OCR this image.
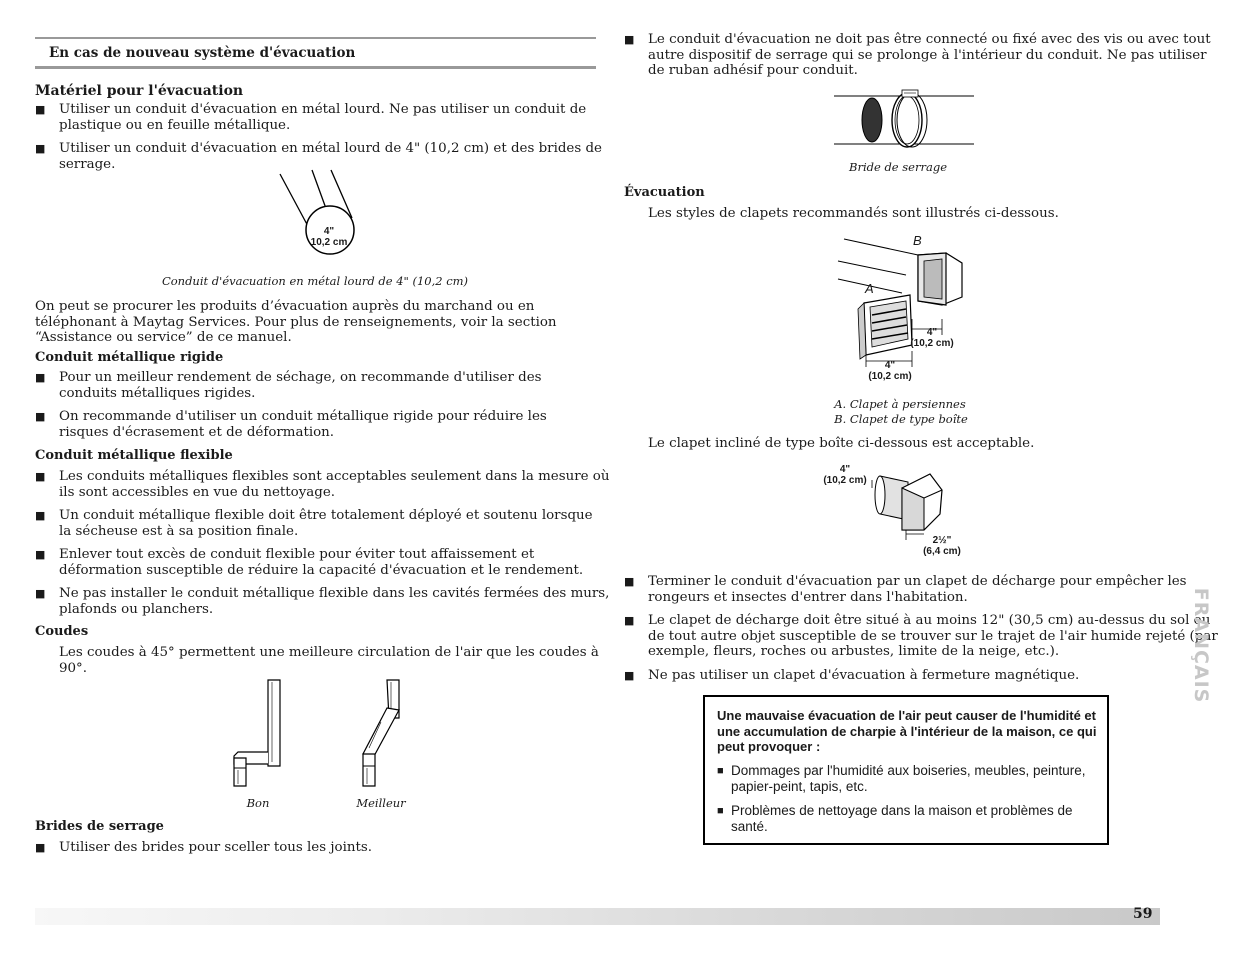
En cas de nouveau système d'évacuation
Matériel pour l'évacuation
■ Utiliser un conduit d'évacuation en métal lourd. Ne pas utiliser un conduit de plastique ou en feuille métallique.
■ Utiliser un conduit d'évacuation en métal lourd de 4" (10,2 cm) et des brides de serrage.
4"
10,2 cm
Conduit d'évacuation en métal lourd de 4" (10,2 cm)
On peut se procurer les produits d’évacuation auprès du marchand ou en téléphonant à Maytag Services. Pour plus de renseignements, voir la section “Assistance ou service” de ce manuel.
Conduit métallique rigide
■ Pour un meilleur rendement de séchage, on recommande d'utiliser des conduits métalliques rigides.
■ On recommande d'utiliser un conduit métallique rigide pour réduire les risques d'écrasement et de déformation.
Conduit métallique flexible
■ Les conduits métalliques flexibles sont acceptables seulement dans la mesure où ils sont accessibles en vue du nettoyage.
■ Un conduit métallique flexible doit être totalement déployé et soutenu lorsque la sécheuse est à sa position finale.
■ Enlever tout excès de conduit flexible pour éviter tout affaissement et déformation susceptible de réduire la capacité d'évacuation et le rendement.
■ Ne pas installer le conduit métallique flexible dans les cavités fermées des murs, plafonds ou planchers.
Coudes
Les coudes à 45° permettent une meilleure circulation de l'air que les coudes à 90°.
Bon	Meilleur
Brides de serrage
■ Utiliser des brides pour sceller tous les joints.
■ Le conduit d'évacuation ne doit pas être connecté ou fixé avec des vis ou avec tout autre dispositif de serrage qui se prolonge à l'intérieur du conduit. Ne pas utiliser de ruban adhésif pour conduit.
Bride de serrage
Évacuation
Les styles de clapets recommandés sont illustrés ci-dessous.
B
A
4"
(10,2 cm)
4"
(10,2 cm)
A. Clapet à persiennes
B. Clapet de type boîte
Le clapet incliné de type boîte ci-dessous est acceptable.
4"
(10,2 cm)
2½"
(6,4 cm)
■ Terminer le conduit d'évacuation par un clapet de décharge pour empêcher les rongeurs et insectes d'entrer dans l'habitation.
■ Le clapet de décharge doit être situé à au moins 12" (30,5 cm) au-dessus du sol ou de tout autre objet susceptible de se trouver sur le trajet de l'air humide rejeté (par exemple, fleurs, roches ou arbustes, limite de la neige, etc.).
■ Ne pas utiliser un clapet d'évacuation à fermeture magnétique.
Une mauvaise évacuation de l'air peut causer de l'humidité et une accumulation de charpie à l'intérieur de la maison, ce qui peut provoquer :
■ Dommages par l'humidité aux boiseries, meubles, peinture, papier-peint, tapis, etc.
■ Problèmes de nettoyage dans la maison et problèmes de santé.
FRANÇAIS
59
